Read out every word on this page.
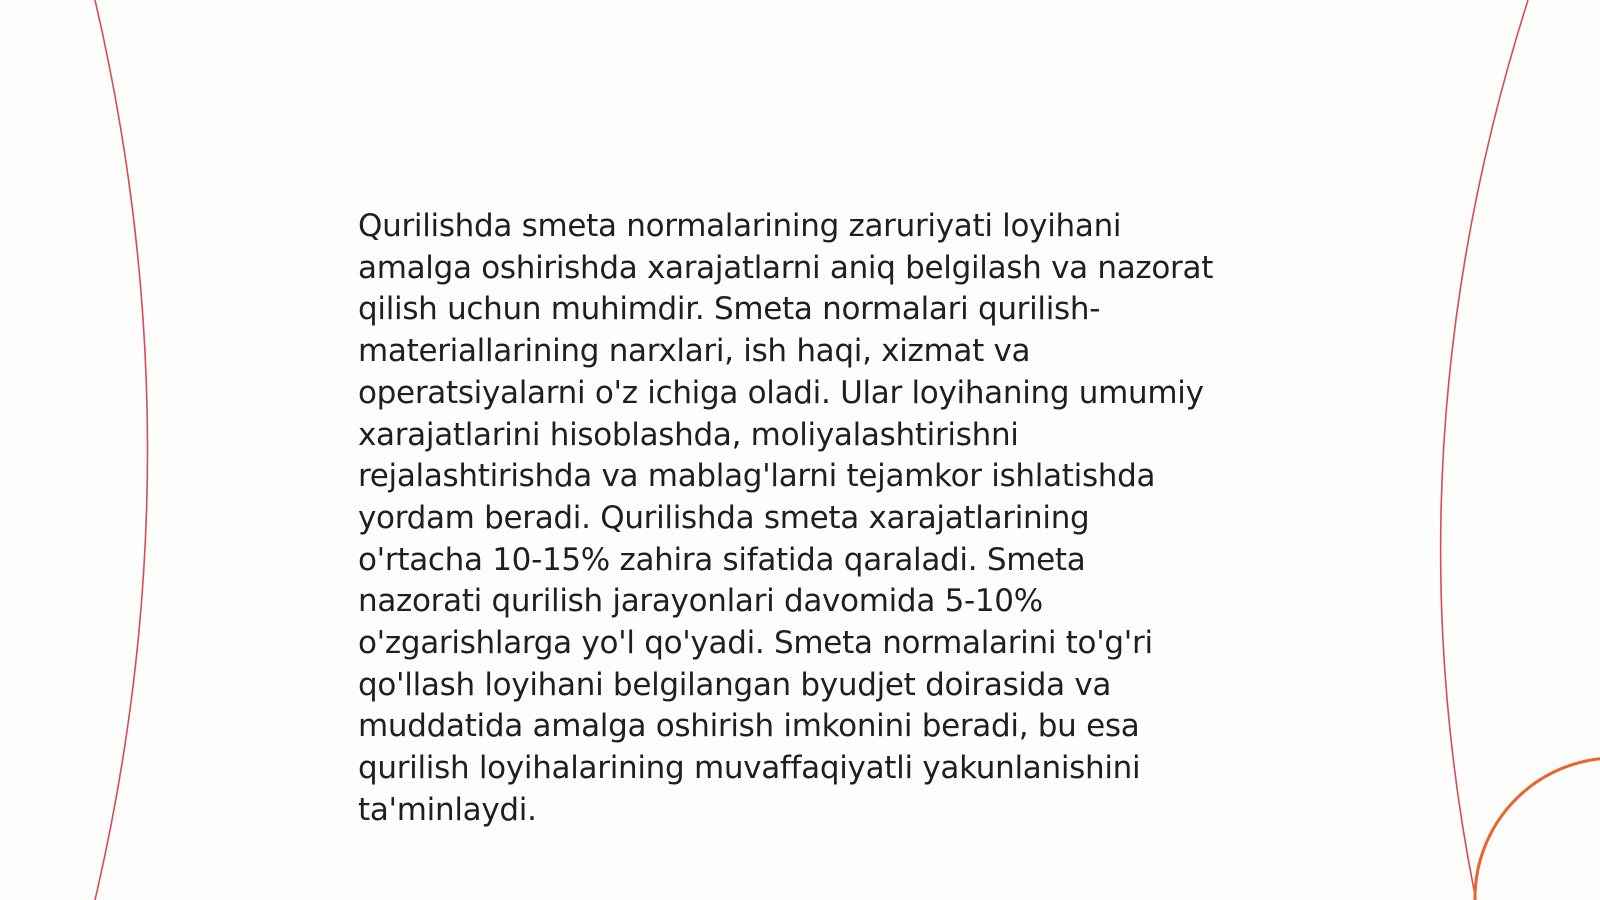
Qurilishda smeta normalarining zaruriyati loyihani amalga oshirishda xarajatlarni aniq belgilash va nazorat qilish uchun muhimdir. Smeta normalari qurilish-materiallarining narxlari, ish haqi, xizmat va operatsiyalarni o'z ichiga oladi. Ular loyihaning umumiy xarajatlarini hisoblashda, moliyalashtirishni rejalashtirishda va mablag'larni tejamkor ishlatishda yordam beradi. Qurilishda smeta xarajatlarining o'rtacha 10-15% zahira sifatida qaraladi. Smeta nazorati qurilish jarayonlari davomida 5-10% o'zgarishlarga yo'l qo'yadi. Smeta normalarini to'g'ri qo'llash loyihani belgilangan byudjet doirasida va muddatida amalga oshirish imkonini beradi, bu esa qurilish loyihalarining muvaffaqiyatli yakunlanishini ta'minlaydi.
